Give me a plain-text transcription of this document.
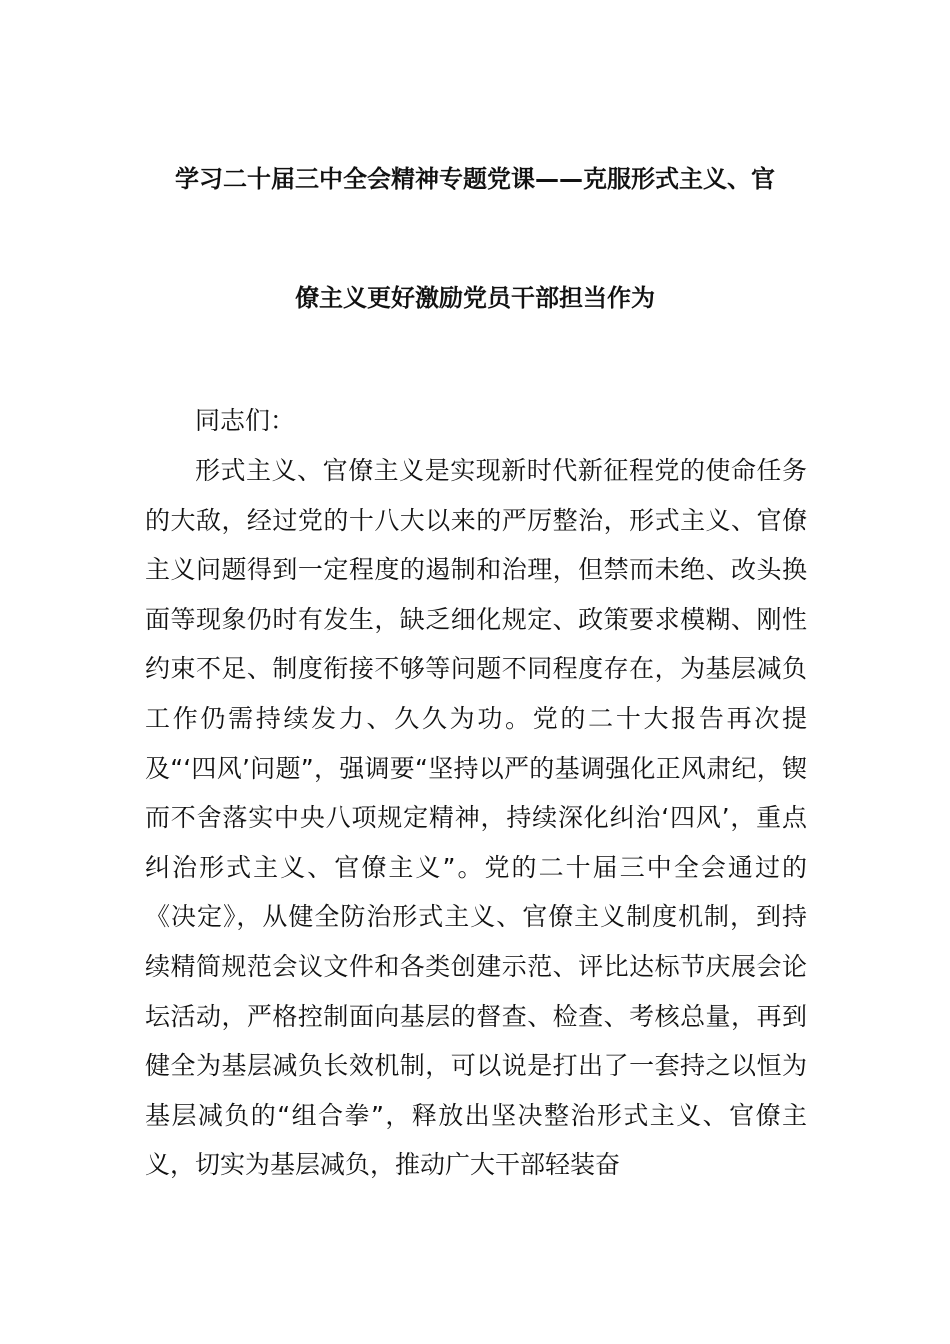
学习二十届三中全会精神专题党课——克服形式主义、官
僚主义更好激励党员干部担当作为
同志们：
形式主义、官僚主义是实现新时代新征程党的使命任务的大敌，经过党的十八大以来的严厉整治，形式主义、官僚主义问题得到一定程度的遏制和治理，但禁而未绝、改头换面等现象仍时有发生，缺乏细化规定、政策要求模糊、刚性约束不足、制度衔接不够等问题不同程度存在，为基层减负工作仍需持续发力、久久为功。党的二十大报告再次提及“‘四风’问题”，强调要“坚持以严的基调强化正风肃纪，锲而不舍落实中央八项规定精神，持续深化纠治‘四风’，重点纠治形式主义、官僚主义”。党的二十届三中全会通过的《决定》，从健全防治形式主义、官僚主义制度机制，到持续精简规范会议文件和各类创建示范、评比达标节庆展会论坛活动，严格控制面向基层的督查、检查、考核总量，再到健全为基层减负长效机制，可以说是打出了一套持之以恒为基层减负的“组合拳”，释放出坚决整治形式主义、官僚主义，切实为基层减负，推动广大干部轻装奋
